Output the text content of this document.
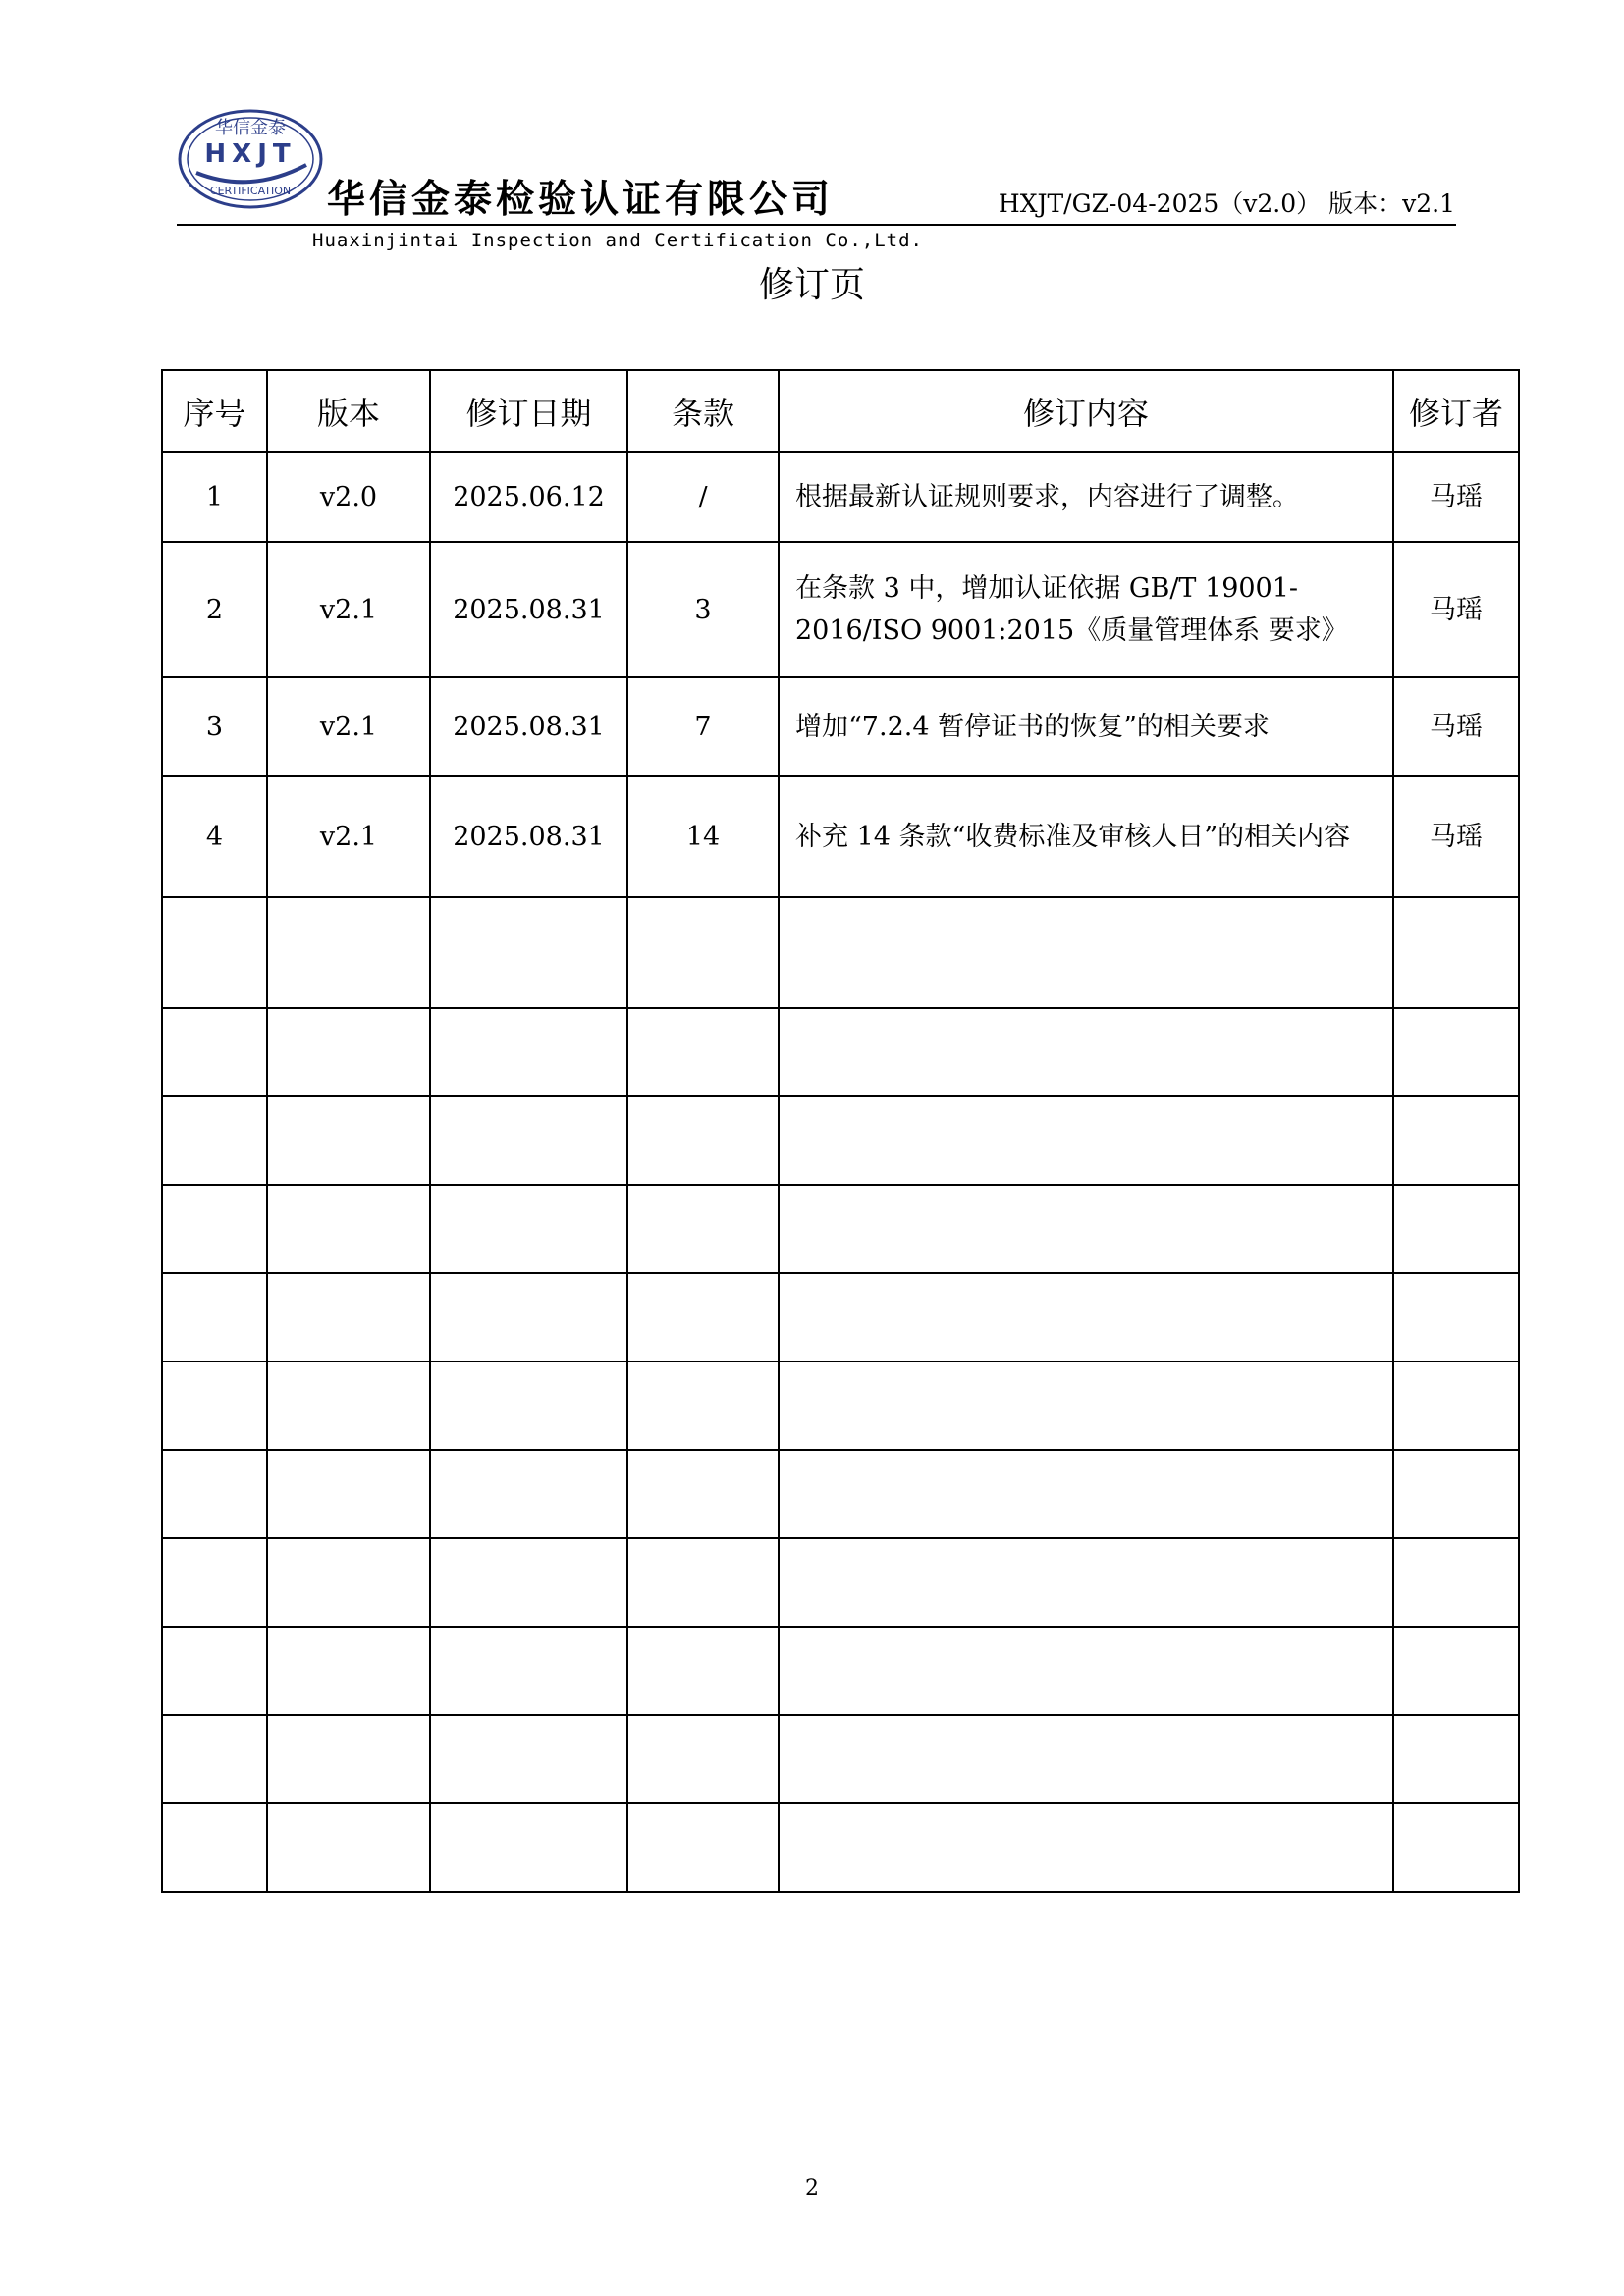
华信金泰
HXJT
CERTIFICATION 华信金泰检验认证有限公司	HXJT/GZ-04-2025（v2.0） 版本：v2.1
Huaxinjintai Inspection and Certification Co.,Ltd.
修订页
序号	版本	修订日期	条款	修订内容	修订者
1	v2.0	2025.06.12	/	根据最新认证规则要求，内容进行了调整。	马瑶
2	v2.1	2025.08.31	3	在条款 3 中，增加认证依据 GB/T 19001-2016/ISO 9001:2015《质量管理体系 要求》	马瑶
3	v2.1	2025.08.31	7	增加“7.2.4 暂停证书的恢复”的相关要求	马瑶
4	v2.1	2025.08.31	14	补充 14 条款“收费标准及审核人日”的相关内容	马瑶

2
